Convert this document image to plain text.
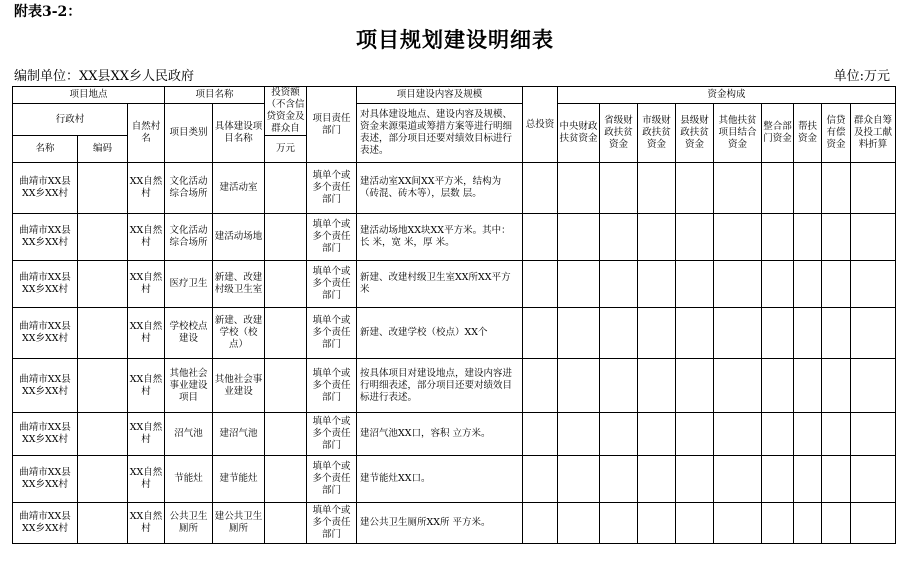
附表3-2：
项目规划建设明细表
编制单位：XX县XX乡人民政府	单位:万元
项目地点			项目名称		投资额（不含信贷资金及群众自	项目责任部门	项目建设内容及规模	总投资	资金构成								
行政村		自然村名	项目类别	具体建设项目名称			对具体建设地点、建设内容及规模、资金来源渠道或筹措方案等进行明细表述，部分项目还要对绩效目标进行表述。		中央财政扶贫资金	省级财政扶贫资金	市级财政扶贫资金	县级财政扶贫资金	其他扶贫项目结合资金	整合部门资金	帮扶资金	信贷有偿资金	群众自筹及投工献料折算
名称	编码				万元												
曲靖市XX县XX乡XX村		XX自然村	文化活动综合场所	建活动室		填单个或多个责任部门	建活动室XX间XX平方米，结构为（砖混、砖木等），层数 层。										
曲靖市XX县XX乡XX村		XX自然村	文化活动综合场所	建活动场地		填单个或多个责任部门	建活动场地XX块XX平方米。其中：长 米，宽 米，厚 米。										
曲靖市XX县XX乡XX村		XX自然村	医疗卫生	新建、改建村级卫生室		填单个或多个责任部门	新建、改建村级卫生室XX所XX平方米										
曲靖市XX县XX乡XX村		XX自然村	学校校点建设	新建、改建学校（校点）		填单个或多个责任部门	新建、改建学校（校点）XX个										
曲靖市XX县XX乡XX村		XX自然村	其他社会事业建设项目	其他社会事业建设		填单个或多个责任部门	按具体项目对建设地点，建设内容进行明细表述，部分项目还要对绩效目标进行表述。										
曲靖市XX县XX乡XX村		XX自然村	沼气池	建沼气池		填单个或多个责任部门	建沼气池XX口，容积 立方米。										
曲靖市XX县XX乡XX村		XX自然村	节能灶	建节能灶		填单个或多个责任部门	建节能灶XX口。										
曲靖市XX县XX乡XX村		XX自然村	公共卫生厕所	建公共卫生厕所		填单个或多个责任部门	建公共卫生厕所XX所 平方米。										
